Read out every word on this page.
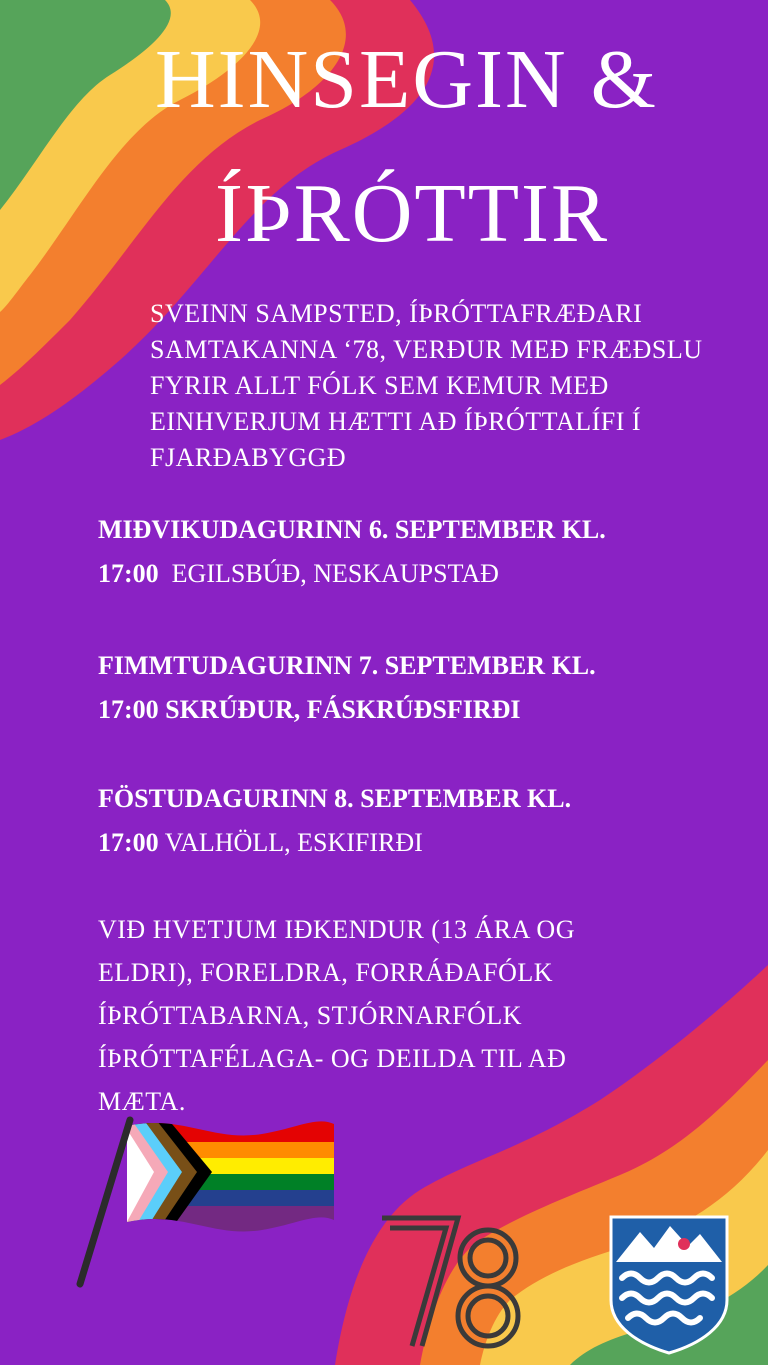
HINSEGIN &
ÍÞRÓTTIR
SVEINN SAMPSTED, ÍÞRÓTTAFRÆÐARI
SAMTAKANNA ‘78, VERÐUR MEÐ FRÆÐSLU
FYRIR ALLT FÓLK SEM KEMUR MEÐ
EINHVERJUM HÆTTI AÐ ÍÞRÓTTALÍFI Í
FJARÐABYGGÐ
MIÐVIKUDAGURINN 6. SEPTEMBER KL.
17:00  EGILSBÚÐ, NESKAUPSTAÐ
FIMMTUDAGURINN 7. SEPTEMBER KL.
17:00 SKRÚÐUR, FÁSKRÚÐSFIRÐI
FÖSTUDAGURINN 8. SEPTEMBER KL.
17:00 VALHÖLL, ESKIFIRÐI
VIÐ HVETJUM IÐKENDUR (13 ÁRA OG
ELDRI), FORELDRA, FORRÁÐAFÓLK
ÍÞRÓTTABARNA, STJÓRNARFÓLK
ÍÞRÓTTAFÉLAGA- OG DEILDA TIL AÐ
MÆTA.
